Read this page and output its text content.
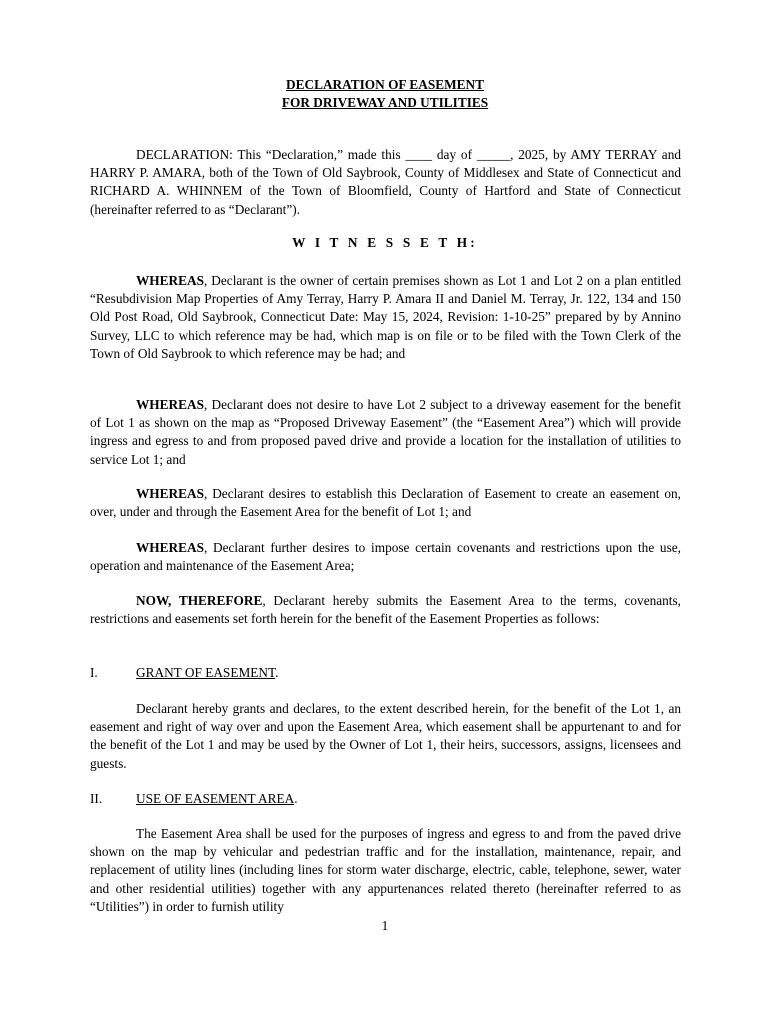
DECLARATION OF EASEMENT
FOR DRIVEWAY AND UTILITIES
DECLARATION: This “Declaration,” made this ____ day of _____, 2025, by AMY TERRAY and HARRY P. AMARA, both of the Town of Old Saybrook, County of Middlesex and State of Connecticut and RICHARD A. WHINNEM of the Town of Bloomfield, County of Hartford and State of Connecticut (hereinafter referred to as “Declarant”).
W I T N E S S E T H:
WHEREAS, Declarant is the owner of certain premises shown as Lot 1 and Lot 2 on a plan entitled “Resubdivision Map Properties of Amy Terray, Harry P. Amara II and Daniel M. Terray, Jr. 122, 134 and 150 Old Post Road, Old Saybrook, Connecticut Date: May 15, 2024, Revision: 1-10-25” prepared by by Annino Survey, LLC to which reference may be had, which map is on file or to be filed with the Town Clerk of the Town of Old Saybrook to which reference may be had; and
WHEREAS, Declarant does not desire to have Lot 2 subject to a driveway easement for the benefit of Lot 1 as shown on the map as “Proposed Driveway Easement” (the “Easement Area”) which will provide ingress and egress to and from proposed paved drive and provide a location for the installation of utilities to service Lot 1; and
WHEREAS, Declarant desires to establish this Declaration of Easement to create an easement on, over, under and through the Easement Area for the benefit of Lot 1; and
WHEREAS, Declarant further desires to impose certain covenants and restrictions upon the use, operation and maintenance of the Easement Area;
NOW, THEREFORE, Declarant hereby submits the Easement Area to the terms, covenants, restrictions and easements set forth herein for the benefit of the Easement Properties as follows:
I.	GRANT OF EASEMENT.
Declarant hereby grants and declares, to the extent described herein, for the benefit of the Lot 1, an easement and right of way over and upon the Easement Area, which easement shall be appurtenant to and for the benefit of the Lot 1 and may be used by the Owner of Lot 1, their heirs, successors, assigns, licensees and guests.
II.	USE OF EASEMENT AREA.
The Easement Area shall be used for the purposes of ingress and egress to and from the paved drive shown on the map by vehicular and pedestrian traffic and for the installation, maintenance, repair, and replacement of utility lines (including lines for storm water discharge, electric, cable, telephone, sewer, water and other residential utilities) together with any appurtenances related thereto (hereinafter referred to as “Utilities”) in order to furnish utility
1
